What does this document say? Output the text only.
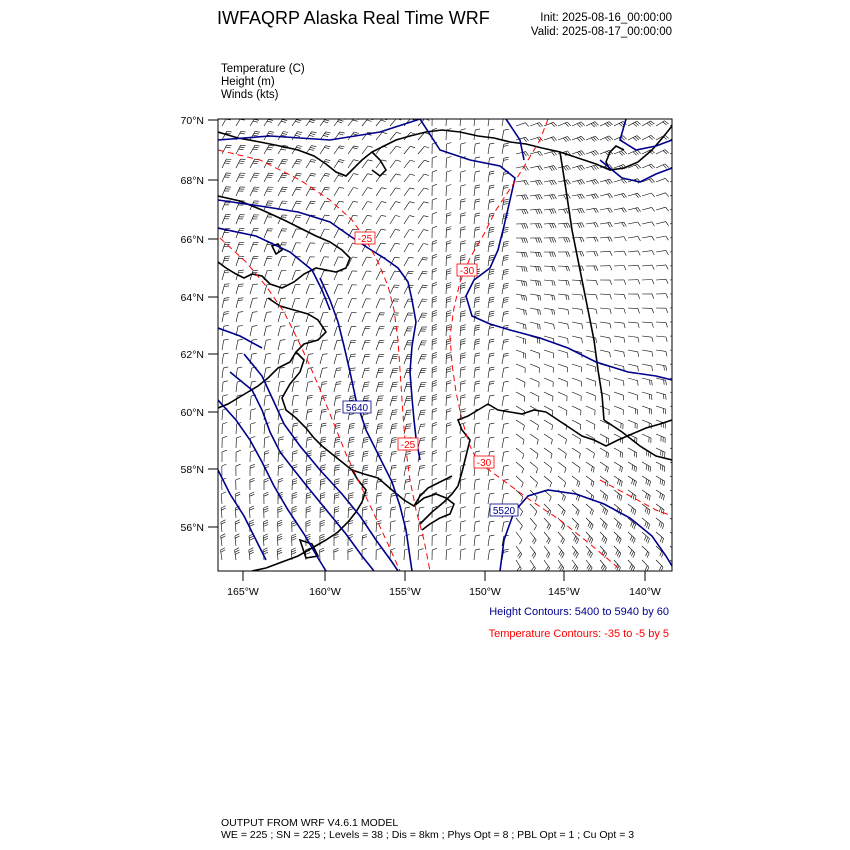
IWFAQRP Alaska Real Time WRF	Init: 2025-08-16_00:00:00
Valid: 2025-08-17_00:00:00
Temperature (C)
Height (m)
Winds (kts)
5640
5520
-25
-30
-25
-30
70°N
68°N
66°N
64°N
62°N
60°N
58°N
56°N
165°W	160°W	155°W	150°W	145°W	140°W
Height Contours: 5400 to 5940 by 60
Temperature Contours: -35 to -5 by 5
OUTPUT FROM WRF V4.6.1 MODEL
WE = 225 ; SN = 225 ; Levels = 38 ; Dis = 8km ; Phys Opt = 8 ; PBL Opt = 1 ; Cu Opt = 3
